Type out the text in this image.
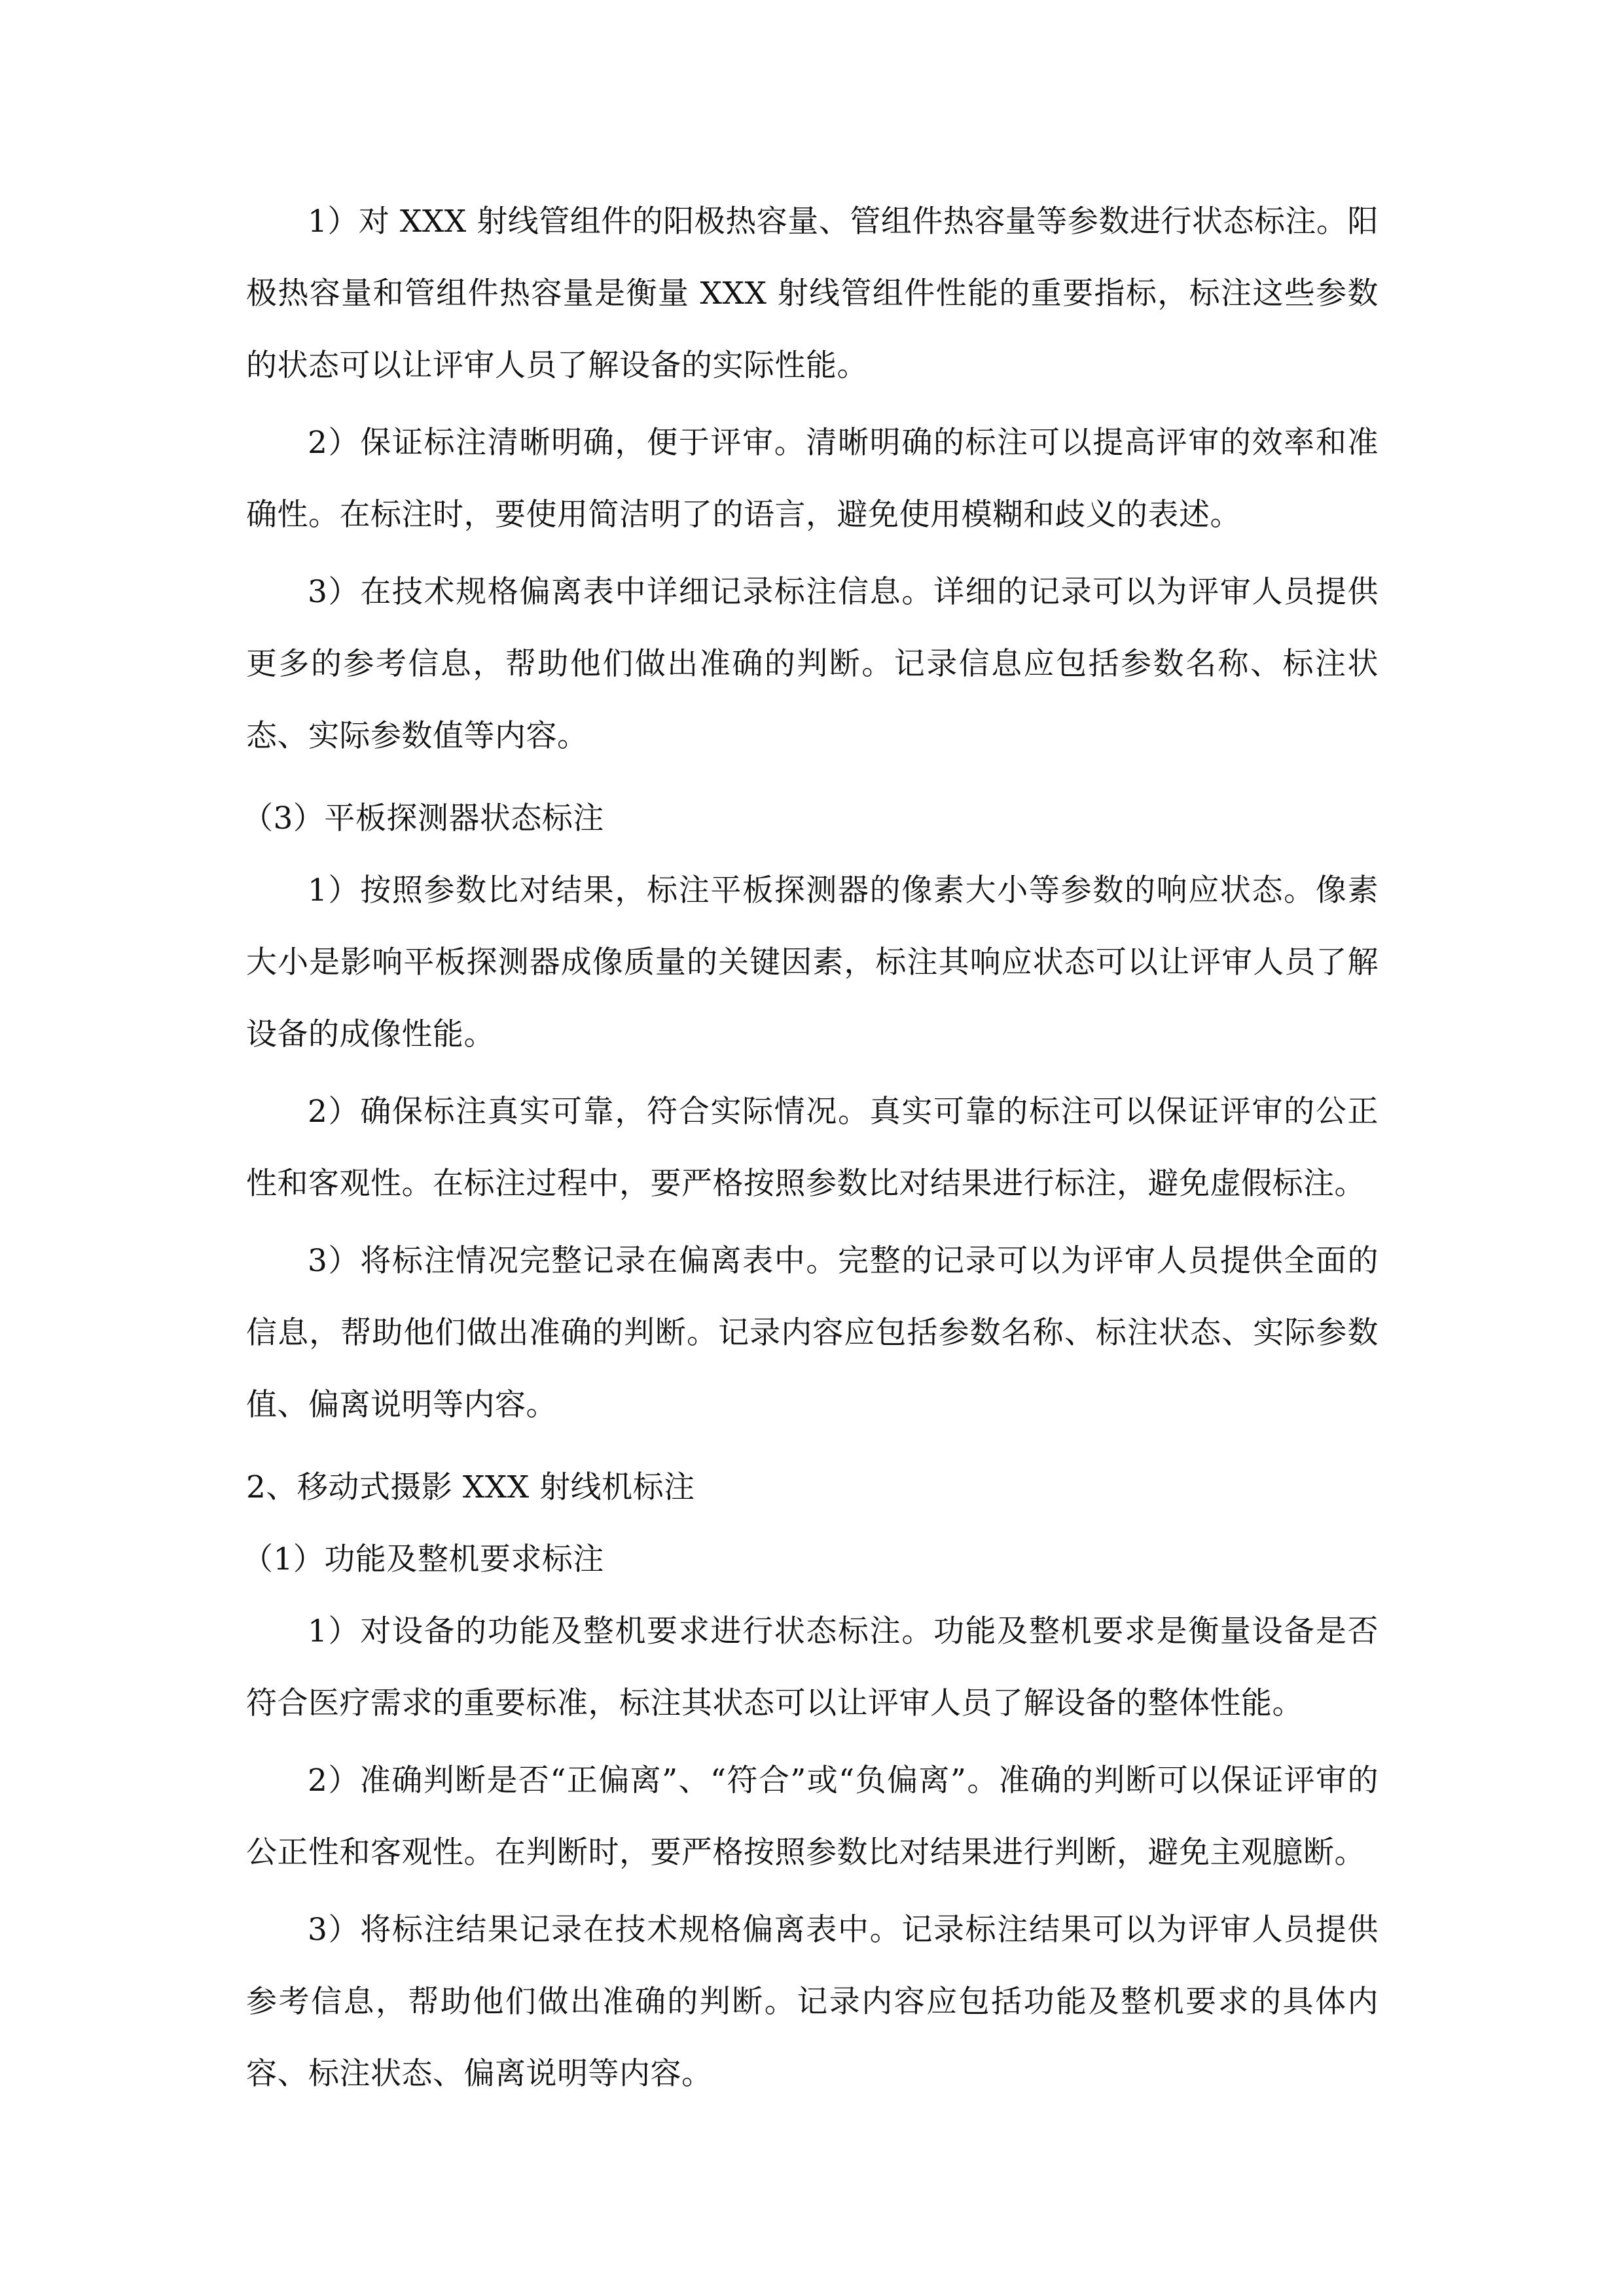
1）对 XXX 射线管组件的阳极热容量、管组件热容量等参数进行状态标注。阳极热容量和管组件热容量是衡量 XXX 射线管组件性能的重要指标，标注这些参数的状态可以让评审人员了解设备的实际性能。

2）保证标注清晰明确，便于评审。清晰明确的标注可以提高评审的效率和准确性。在标注时，要使用简洁明了的语言，避免使用模糊和歧义的表述。

3）在技术规格偏离表中详细记录标注信息。详细的记录可以为评审人员提供更多的参考信息，帮助他们做出准确的判断。记录信息应包括参数名称、标注状态、实际参数值等内容。

（3）平板探测器状态标注

1）按照参数比对结果，标注平板探测器的像素大小等参数的响应状态。像素大小是影响平板探测器成像质量的关键因素，标注其响应状态可以让评审人员了解设备的成像性能。

2）确保标注真实可靠，符合实际情况。真实可靠的标注可以保证评审的公正性和客观性。在标注过程中，要严格按照参数比对结果进行标注，避免虚假标注。

3）将标注情况完整记录在偏离表中。完整的记录可以为评审人员提供全面的信息，帮助他们做出准确的判断。记录内容应包括参数名称、标注状态、实际参数值、偏离说明等内容。

2、移动式摄影 XXX 射线机标注

（1）功能及整机要求标注

1）对设备的功能及整机要求进行状态标注。功能及整机要求是衡量设备是否符合医疗需求的重要标准，标注其状态可以让评审人员了解设备的整体性能。

2）准确判断是否“正偏离”、“符合”或“负偏离”。准确的判断可以保证评审的公正性和客观性。在判断时，要严格按照参数比对结果进行判断，避免主观臆断。

3）将标注结果记录在技术规格偏离表中。记录标注结果可以为评审人员提供参考信息，帮助他们做出准确的判断。记录内容应包括功能及整机要求的具体内容、标注状态、偏离说明等内容。
